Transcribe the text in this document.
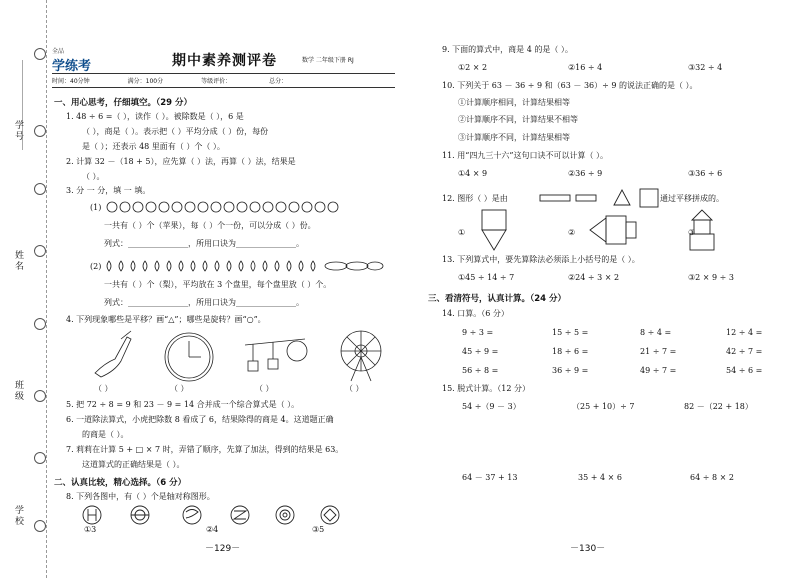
学号
姓名
班级
学校
全品
学练考	期中素养测评卷	数学 二年级下册 RJ
时间：40分钟	满分：100分	等级评价：	总分：
一、用心思考，仔细填空。（29 分）
1. 48 ÷ 6 =（ ），读作（ ）。被除数是（ ），6 是
（ ），商是（ ）。表示把（ ）平均分成（ ）份，每份
是（ ）；还表示 48 里面有（ ）个（ ）。
2. 计算 32 －（18 + 5），应先算（ ）法，再算（ ）法，结果是
（ ）。
3. 分 一 分，填 一 填。
(1)
一共有（ ）个（苹果），每（ ）个一份，可以分成（ ）份。
列式：_______________，所用口诀为_______________。
(2)
一共有（ ）个（梨），平均放在 3 个盘里，每个盘里放（ ）个。
列式：_______________，所用口诀为_______________。
4. 下列现象哪些是平移？画“△”；哪些是旋转？画“○”。
（ ）	（ ）	（ ）	（ ）
5. 把 72 ÷ 8 = 9 和 23 － 9 = 14 合并成一个综合算式是（ ）。
6. 一道除法算式，小虎把除数 8 看成了 6，结果除得的商是 4。这道题正确
的商是（ ）。
7. 莉莉在计算 5 + □ × 7 时，弄错了顺序，先算了加法，得到的结果是 63。
这道算式的正确结果是（ ）。
二、认真比较，精心选择。（6 分）
8. 下列各图中，有（ ）个是轴对称图形。
①3	②4	③5
－129－
9. 下面的算式中，商是 4 的是（ ）。
①2 × 2	②16 ÷ 4	③32 ÷ 4
10. 下列关于 63 － 36 ÷ 9 和（63 － 36）÷ 9 的说法正确的是（ ）。
①计算顺序相同，计算结果相等
②计算顺序不同，计算结果不相等
③计算顺序不同，计算结果相等
11. 用“四九三十六”这句口诀不可以计算（ ）。
①4 × 9	②36 ÷ 9	③36 ÷ 6
12. 图形（ ）是由	通过平移拼成的。
①	②	③
13. 下列算式中，要先算除法必须添上小括号的是（ ）。
①45 ÷ 14 ÷ 7	②24 ÷ 3 × 2	③2 × 9 ÷ 3
三、看清符号，认真计算。（24 分）
14. 口算。（6 分）
9 ÷ 3 =	15 ÷ 5 =	8 ÷ 4 =	12 ÷ 4 =
45 ÷ 9 =	18 ÷ 6 =	21 ÷ 7 =	42 ÷ 7 =
56 ÷ 8 =	36 ÷ 9 =	49 ÷ 7 =	54 ÷ 6 =
15. 脱式计算。（12 分）
54 ÷（9 － 3）	（25 + 10）÷ 7	82 －（22 + 18）
64 － 37 + 13	35 + 4 × 6	64 ÷ 8 × 2
－130－
